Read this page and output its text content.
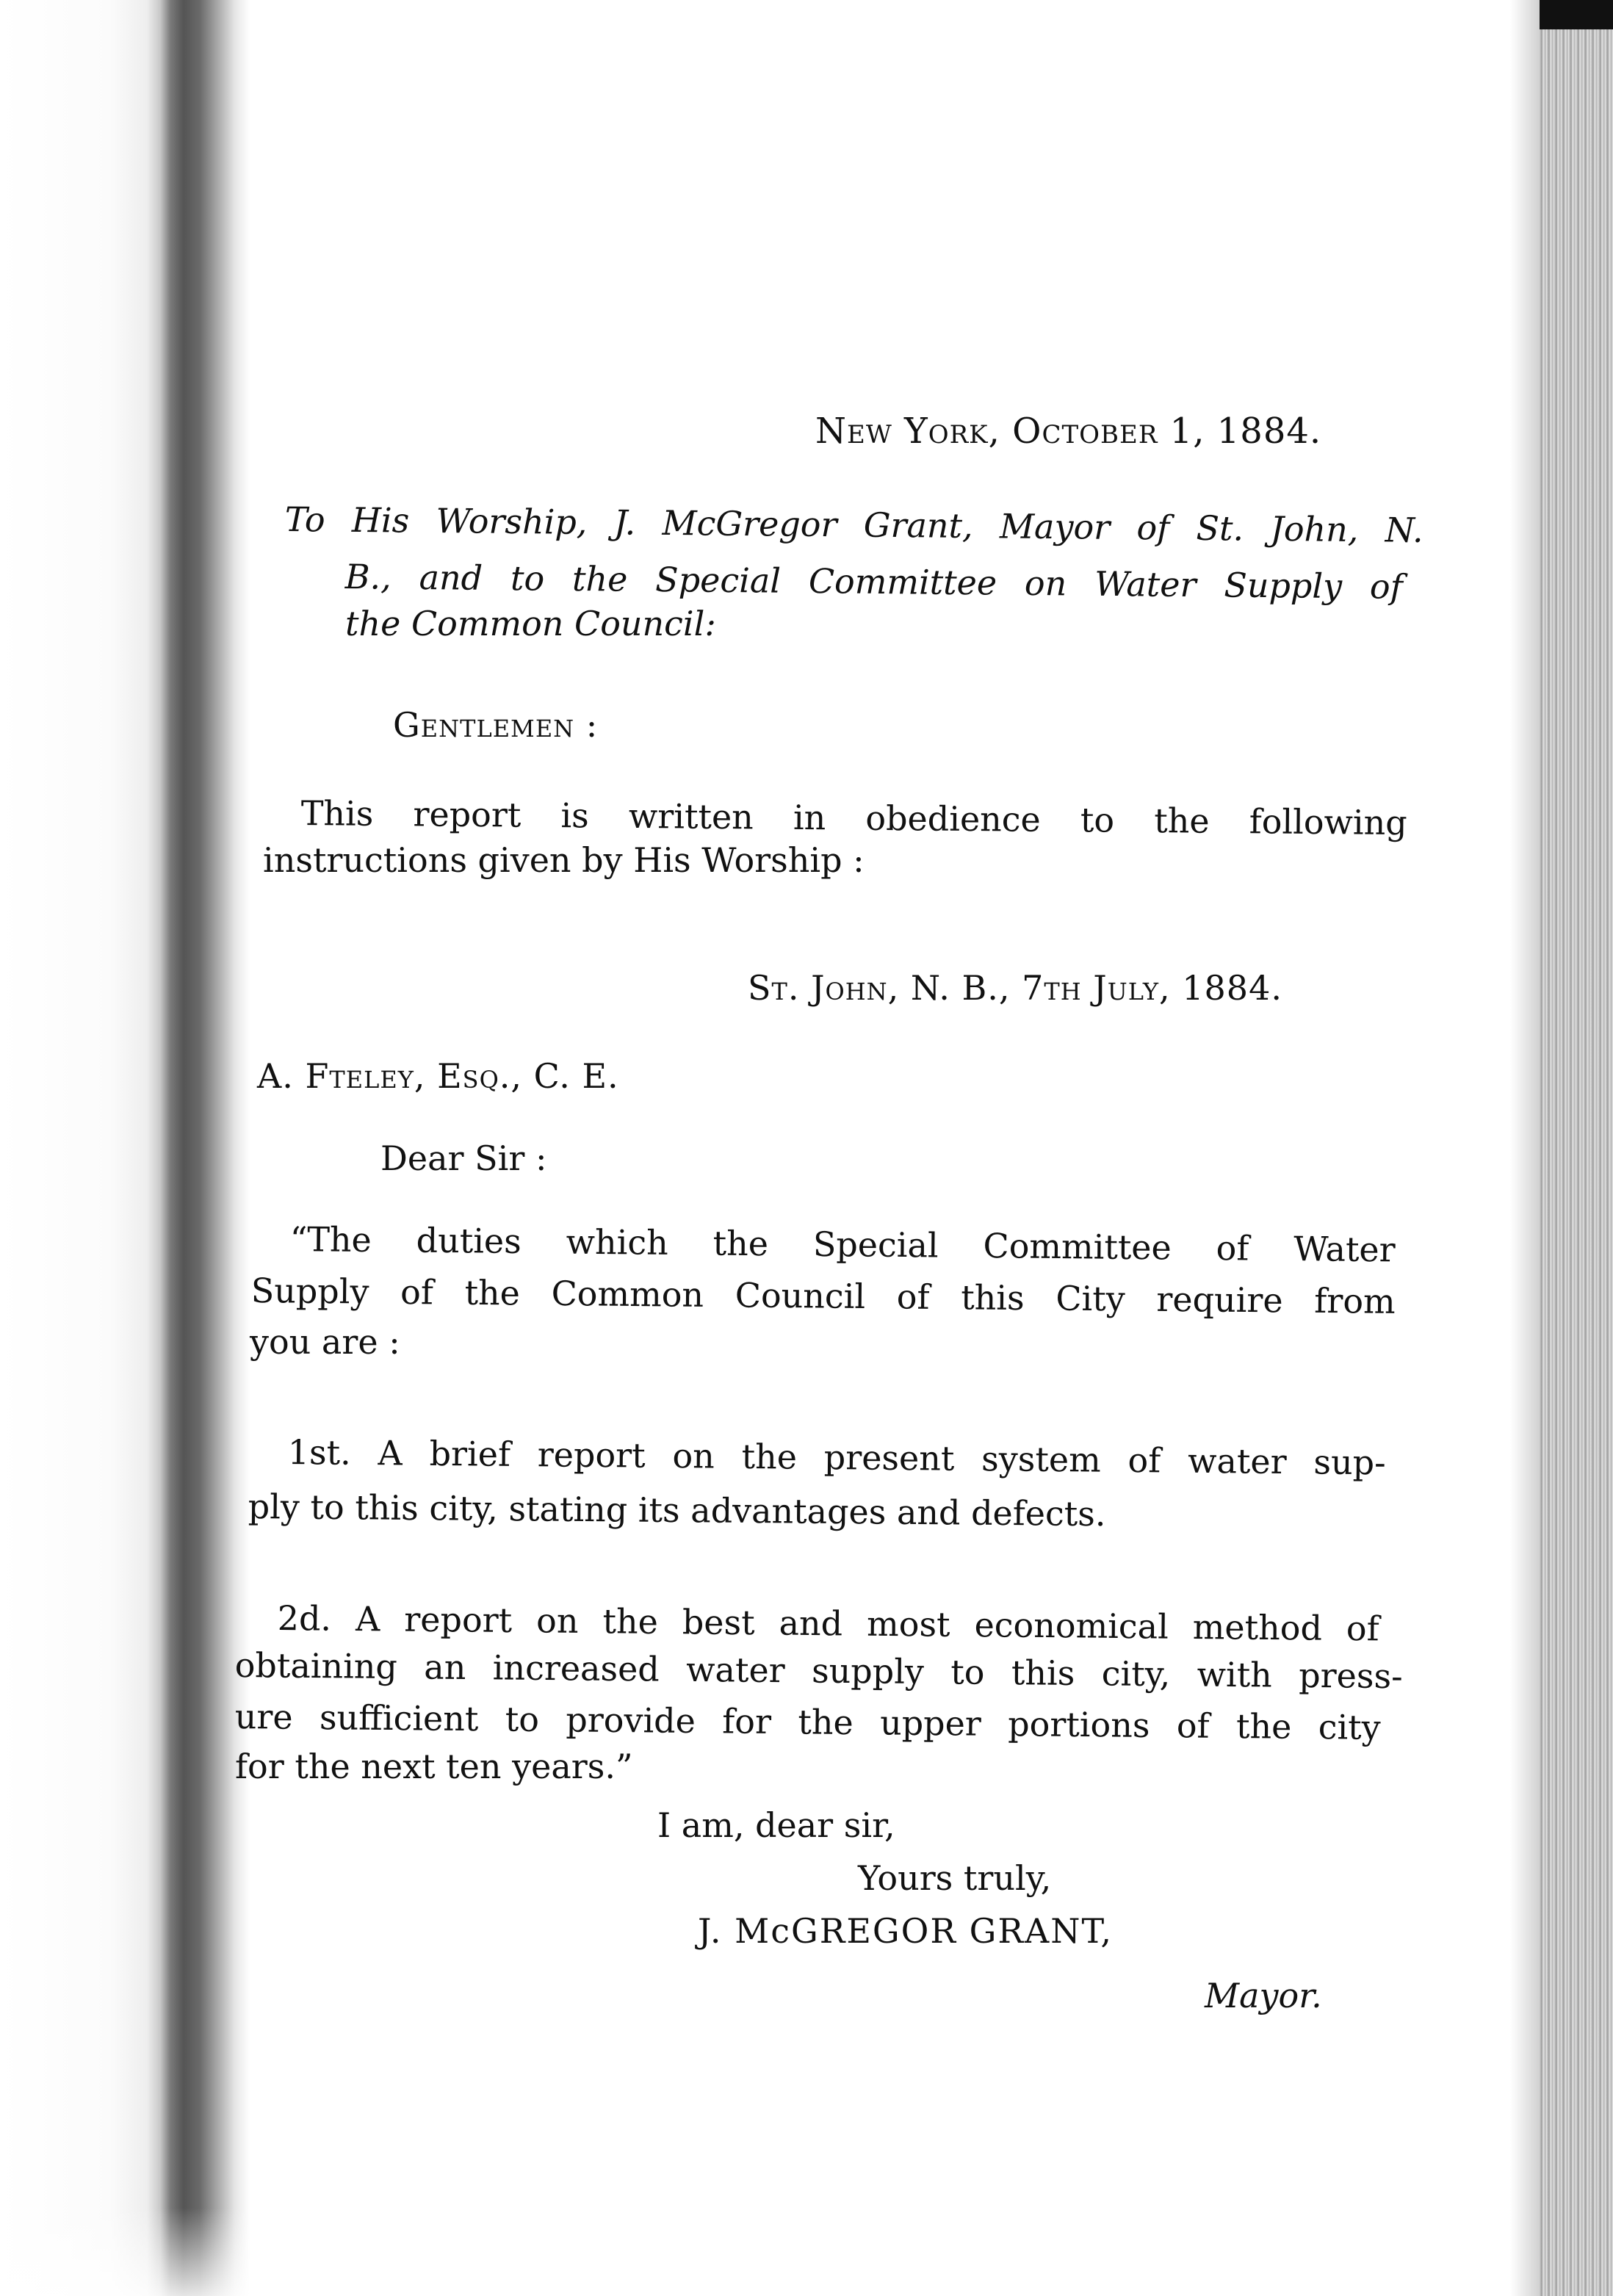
New York, October 1, 1884.
To His Worship, J. McGregor Grant, Mayor of St. John, N.
B., and to the Special Committee on Water Supply of
the Common Council:
Gentlemen :
This report is written in obedience to the following
instructions given by His Worship :
St. John, N. B., 7th July, 1884.
A. Fteley, Esq., C. E.
Dear Sir :
“The duties which the Special Committee of Water
Supply of the Common Council of this City require from
you are :
1st. A brief report on the present system of water sup-
ply to this city, stating its advantages and defects.
2d. A report on the best and most economical method of
obtaining an increased water supply to this city, with press-
ure sufficient to provide for the upper portions of the city
for the next ten years.”
I am, dear sir,
Yours truly,
J. McGREGOR GRANT,
Mayor.
